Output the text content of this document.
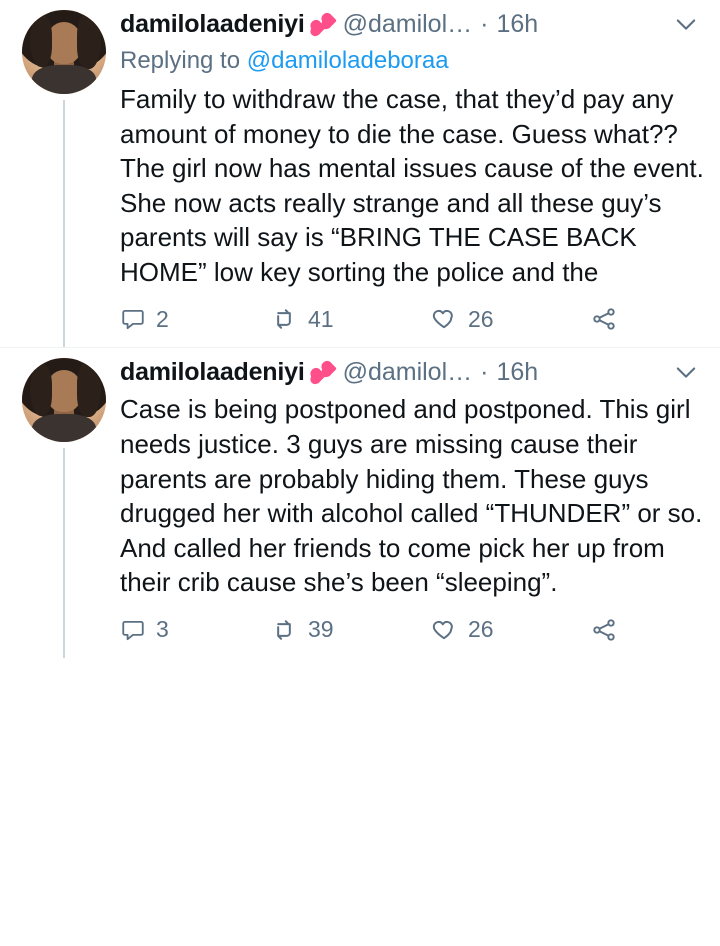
damilolaadeniyi @damilol… · 16h
Replying to @damiloladeboraa
Family to withdraw the case, that they’d pay any amount of money to die the case. Guess what?? The girl now has mental issues cause of the event. She now acts really strange and all these guy’s parents will say is “BRING THE CASE BACK HOME” low key sorting the police and the
2	41	26
damilolaadeniyi @damilol… · 16h
Case is being postponed and postponed. This girl needs justice. 3 guys are missing cause their parents are probably hiding them. These guys drugged her with alcohol called “THUNDER” or so. And called her friends to come pick her up from their crib cause she’s been “sleeping”.
3	39	26
